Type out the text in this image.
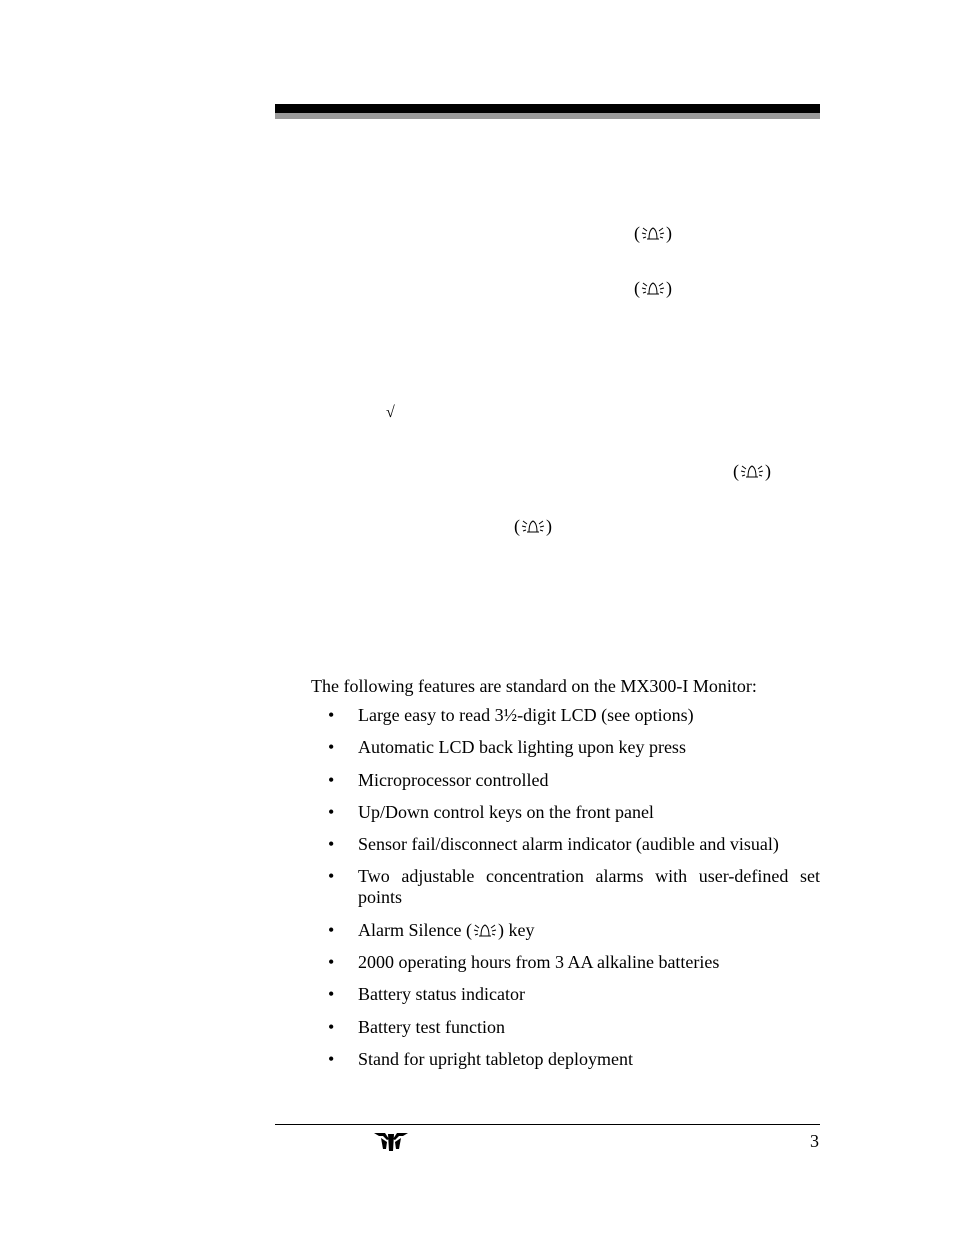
( )
( )
√
( )
( )
The following features are standard on the MX300-I Monitor:
• Large easy to read 3½-digit LCD (see options)
• Automatic LCD back lighting upon key press
• Microprocessor controlled
• Up/Down control keys on the front panel
• Sensor fail/disconnect alarm indicator (audible and visual)
• Two adjustable concentration alarms with user-defined set points
• Alarm Silence ( ) key
• 2000 operating hours from 3 AA alkaline batteries
• Battery status indicator
• Battery test function
• Stand for upright tabletop deployment
3
